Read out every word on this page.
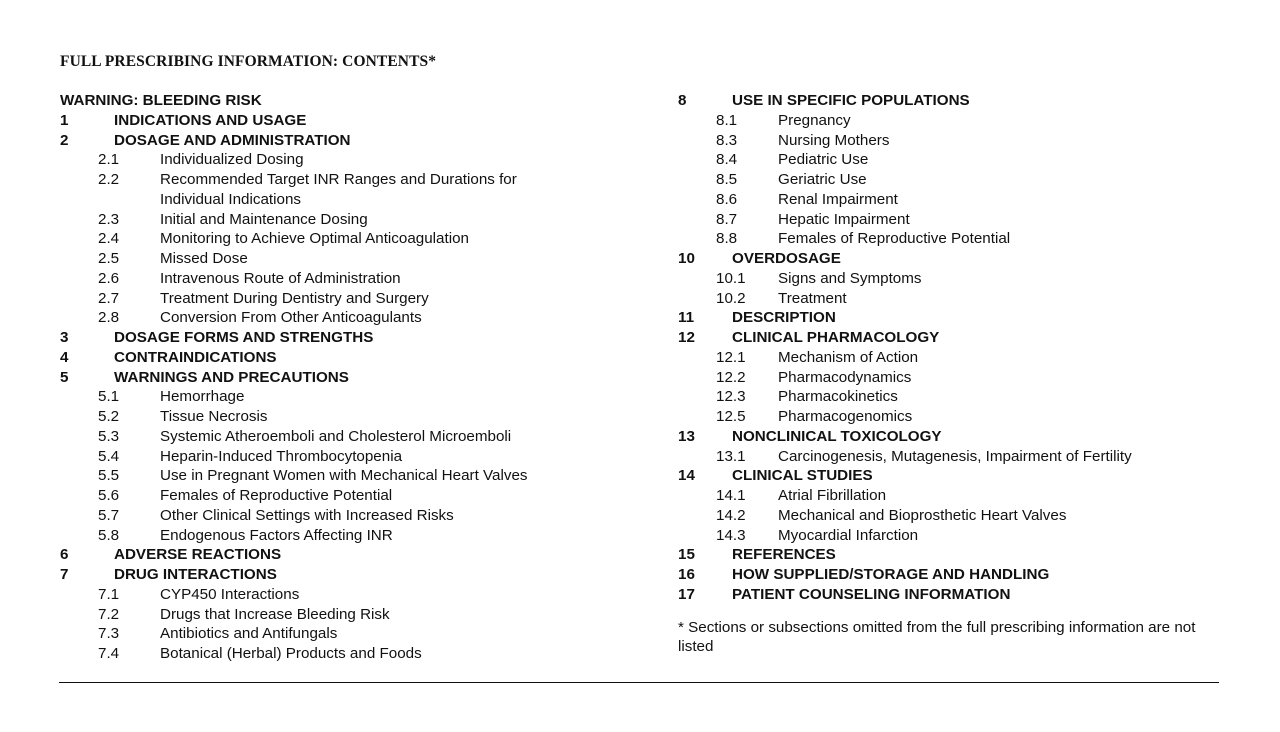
FULL PRESCRIBING INFORMATION: CONTENTS*
WARNING: BLEEDING RISK
1	INDICATIONS AND USAGE
2	DOSAGE AND ADMINISTRATION
2.1	Individualized Dosing
2.2	Recommended Target INR Ranges and Durations for Individual Indications
2.3	Initial and Maintenance Dosing
2.4	Monitoring to Achieve Optimal Anticoagulation
2.5	Missed Dose
2.6	Intravenous Route of Administration
2.7	Treatment During Dentistry and Surgery
2.8	Conversion From Other Anticoagulants
3	DOSAGE FORMS AND STRENGTHS
4	CONTRAINDICATIONS
5	WARNINGS AND PRECAUTIONS
5.1	Hemorrhage
5.2	Tissue Necrosis
5.3	Systemic Atheroemboli and Cholesterol Microemboli
5.4	Heparin-Induced Thrombocytopenia
5.5	Use in Pregnant Women with Mechanical Heart Valves
5.6	Females of Reproductive Potential
5.7	Other Clinical Settings with Increased Risks
5.8	Endogenous Factors Affecting INR
6	ADVERSE REACTIONS
7	DRUG INTERACTIONS
7.1	CYP450 Interactions
7.2	Drugs that Increase Bleeding Risk
7.3	Antibiotics and Antifungals
7.4	Botanical (Herbal) Products and Foods
8	USE IN SPECIFIC POPULATIONS
8.1	Pregnancy
8.3	Nursing Mothers
8.4	Pediatric Use
8.5	Geriatric Use
8.6	Renal Impairment
8.7	Hepatic Impairment
8.8	Females of Reproductive Potential
10 OVERDOSAGE
10.1 Signs and Symptoms
10.2 Treatment
11 DESCRIPTION
12 CLINICAL PHARMACOLOGY
12.1 Mechanism of Action
12.2 Pharmacodynamics
12.3 Pharmacokinetics
12.5 Pharmacogenomics
13 NONCLINICAL TOXICOLOGY
13.1 Carcinogenesis, Mutagenesis, Impairment of Fertility
14 CLINICAL STUDIES
14.1 Atrial Fibrillation
14.2 Mechanical and Bioprosthetic Heart Valves
14.3 Myocardial Infarction
15 REFERENCES
16 HOW SUPPLIED/STORAGE AND HANDLING
17 PATIENT COUNSELING INFORMATION
* Sections or subsections omitted from the full prescribing information are not listed
